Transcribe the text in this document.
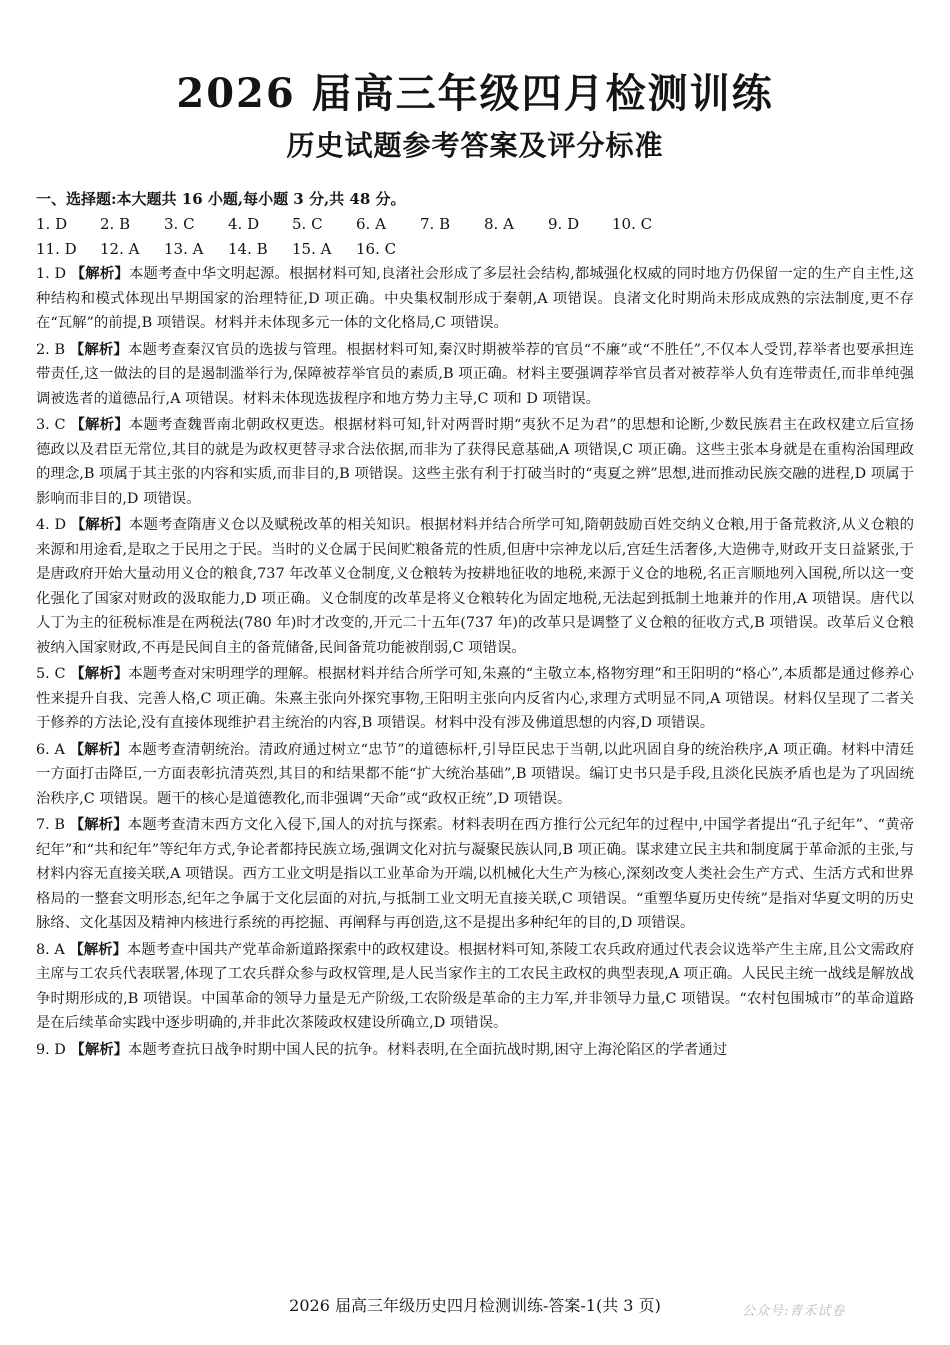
2026 届高三年级四月检测训练
历史试题参考答案及评分标准
一、选择题:本大题共 16 小题,每小题 3 分,共 48 分。
1. D 2. B 3. C 4. D 5. C 6. A 7. B 8. A 9. D 10. C
11. D 12. A 13. A 14. B 15. A 16. C

1. D 【解析】本题考查中华文明起源。根据材料可知,良渚社会形成了多层社会结构,都城强化权威的同时地方仍保留一定的生产自主性,这种结构和模式体现出早期国家的治理特征,D 项正确。中央集权制形成于秦朝,A 项错误。良渚文化时期尚未形成成熟的宗法制度,更不存在“瓦解”的前提,B 项错误。材料并未体现多元一体的文化格局,C 项错误。

2. B 【解析】本题考查秦汉官员的选拔与管理。根据材料可知,秦汉时期被举荐的官员“不廉”或“不胜任”,不仅本人受罚,荐举者也要承担连带责任,这一做法的目的是遏制滥举行为,保障被荐举官员的素质,B 项正确。材料主要强调荐举官员者对被荐举人负有连带责任,而非单纯强调被选者的道德品行,A 项错误。材料未体现选拔程序和地方势力主导,C 项和 D 项错误。

3. C 【解析】本题考查魏晋南北朝政权更迭。根据材料可知,针对两晋时期“夷狄不足为君”的思想和论断,少数民族君主在政权建立后宣扬德政以及君臣无常位,其目的就是为政权更替寻求合法依据,而非为了获得民意基础,A 项错误,C 项正确。这些主张本身就是在重构治国理政的理念,B 项属于其主张的内容和实质,而非目的,B 项错误。这些主张有利于打破当时的“夷夏之辨”思想,进而推动民族交融的进程,D 项属于影响而非目的,D 项错误。

4. D 【解析】本题考查隋唐义仓以及赋税改革的相关知识。根据材料并结合所学可知,隋朝鼓励百姓交纳义仓粮,用于备荒救济,从义仓粮的来源和用途看,是取之于民用之于民。当时的义仓属于民间贮粮备荒的性质,但唐中宗神龙以后,宫廷生活奢侈,大造佛寺,财政开支日益紧张,于是唐政府开始大量动用义仓的粮食,737 年改革义仓制度,义仓粮转为按耕地征收的地税,来源于义仓的地税,名正言顺地列入国税,所以这一变化强化了国家对财政的汲取能力,D 项正确。义仓制度的改革是将义仓粮转化为固定地税,无法起到抵制土地兼并的作用,A 项错误。唐代以人丁为主的征税标准是在两税法(780 年)时才改变的,开元二十五年(737 年)的改革只是调整了义仓粮的征收方式,B 项错误。改革后义仓粮被纳入国家财政,不再是民间自主的备荒储备,民间备荒功能被削弱,C 项错误。

5. C 【解析】本题考查对宋明理学的理解。根据材料并结合所学可知,朱熹的“主敬立本,格物穷理”和王阳明的“格心”,本质都是通过修养心性来提升自我、完善人格,C 项正确。朱熹主张向外探究事物,王阳明主张向内反省内心,求理方式明显不同,A 项错误。材料仅呈现了二者关于修养的方法论,没有直接体现维护君主统治的内容,B 项错误。材料中没有涉及佛道思想的内容,D 项错误。

6. A 【解析】本题考查清朝统治。清政府通过树立“忠节”的道德标杆,引导臣民忠于当朝,以此巩固自身的统治秩序,A 项正确。材料中清廷一方面打击降臣,一方面表彰抗清英烈,其目的和结果都不能“扩大统治基础”,B 项错误。编订史书只是手段,且淡化民族矛盾也是为了巩固统治秩序,C 项错误。题干的核心是道德教化,而非强调“天命”或“政权正统”,D 项错误。

7. B 【解析】本题考查清末西方文化入侵下,国人的对抗与探索。材料表明在西方推行公元纪年的过程中,中国学者提出“孔子纪年”、“黄帝纪年”和“共和纪年”等纪年方式,争论者都持民族立场,强调文化对抗与凝聚民族认同,B 项正确。谋求建立民主共和制度属于革命派的主张,与材料内容无直接关联,A 项错误。西方工业文明是指以工业革命为开端,以机械化大生产为核心,深刻改变人类社会生产方式、生活方式和世界格局的一整套文明形态,纪年之争属于文化层面的对抗,与抵制工业文明无直接关联,C 项错误。“重塑华夏历史传统”是指对华夏文明的历史脉络、文化基因及精神内核进行系统的再挖掘、再阐释与再创造,这不是提出多种纪年的目的,D 项错误。

8. A 【解析】本题考查中国共产党革命新道路探索中的政权建设。根据材料可知,茶陵工农兵政府通过代表会议选举产生主席,且公文需政府主席与工农兵代表联署,体现了工农兵群众参与政权管理,是人民当家作主的工农民主政权的典型表现,A 项正确。人民民主统一战线是解放战争时期形成的,B 项错误。中国革命的领导力量是无产阶级,工农阶级是革命的主力军,并非领导力量,C 项错误。“农村包围城市”的革命道路是在后续革命实践中逐步明确的,并非此次茶陵政权建设所确立,D 项错误。

9. D 【解析】本题考查抗日战争时期中国人民的抗争。材料表明,在全面抗战时期,困守上海沦陷区的学者通过

2026 届高三年级历史四月检测训练-答案-1(共 3 页)	公众号:青禾试卷
